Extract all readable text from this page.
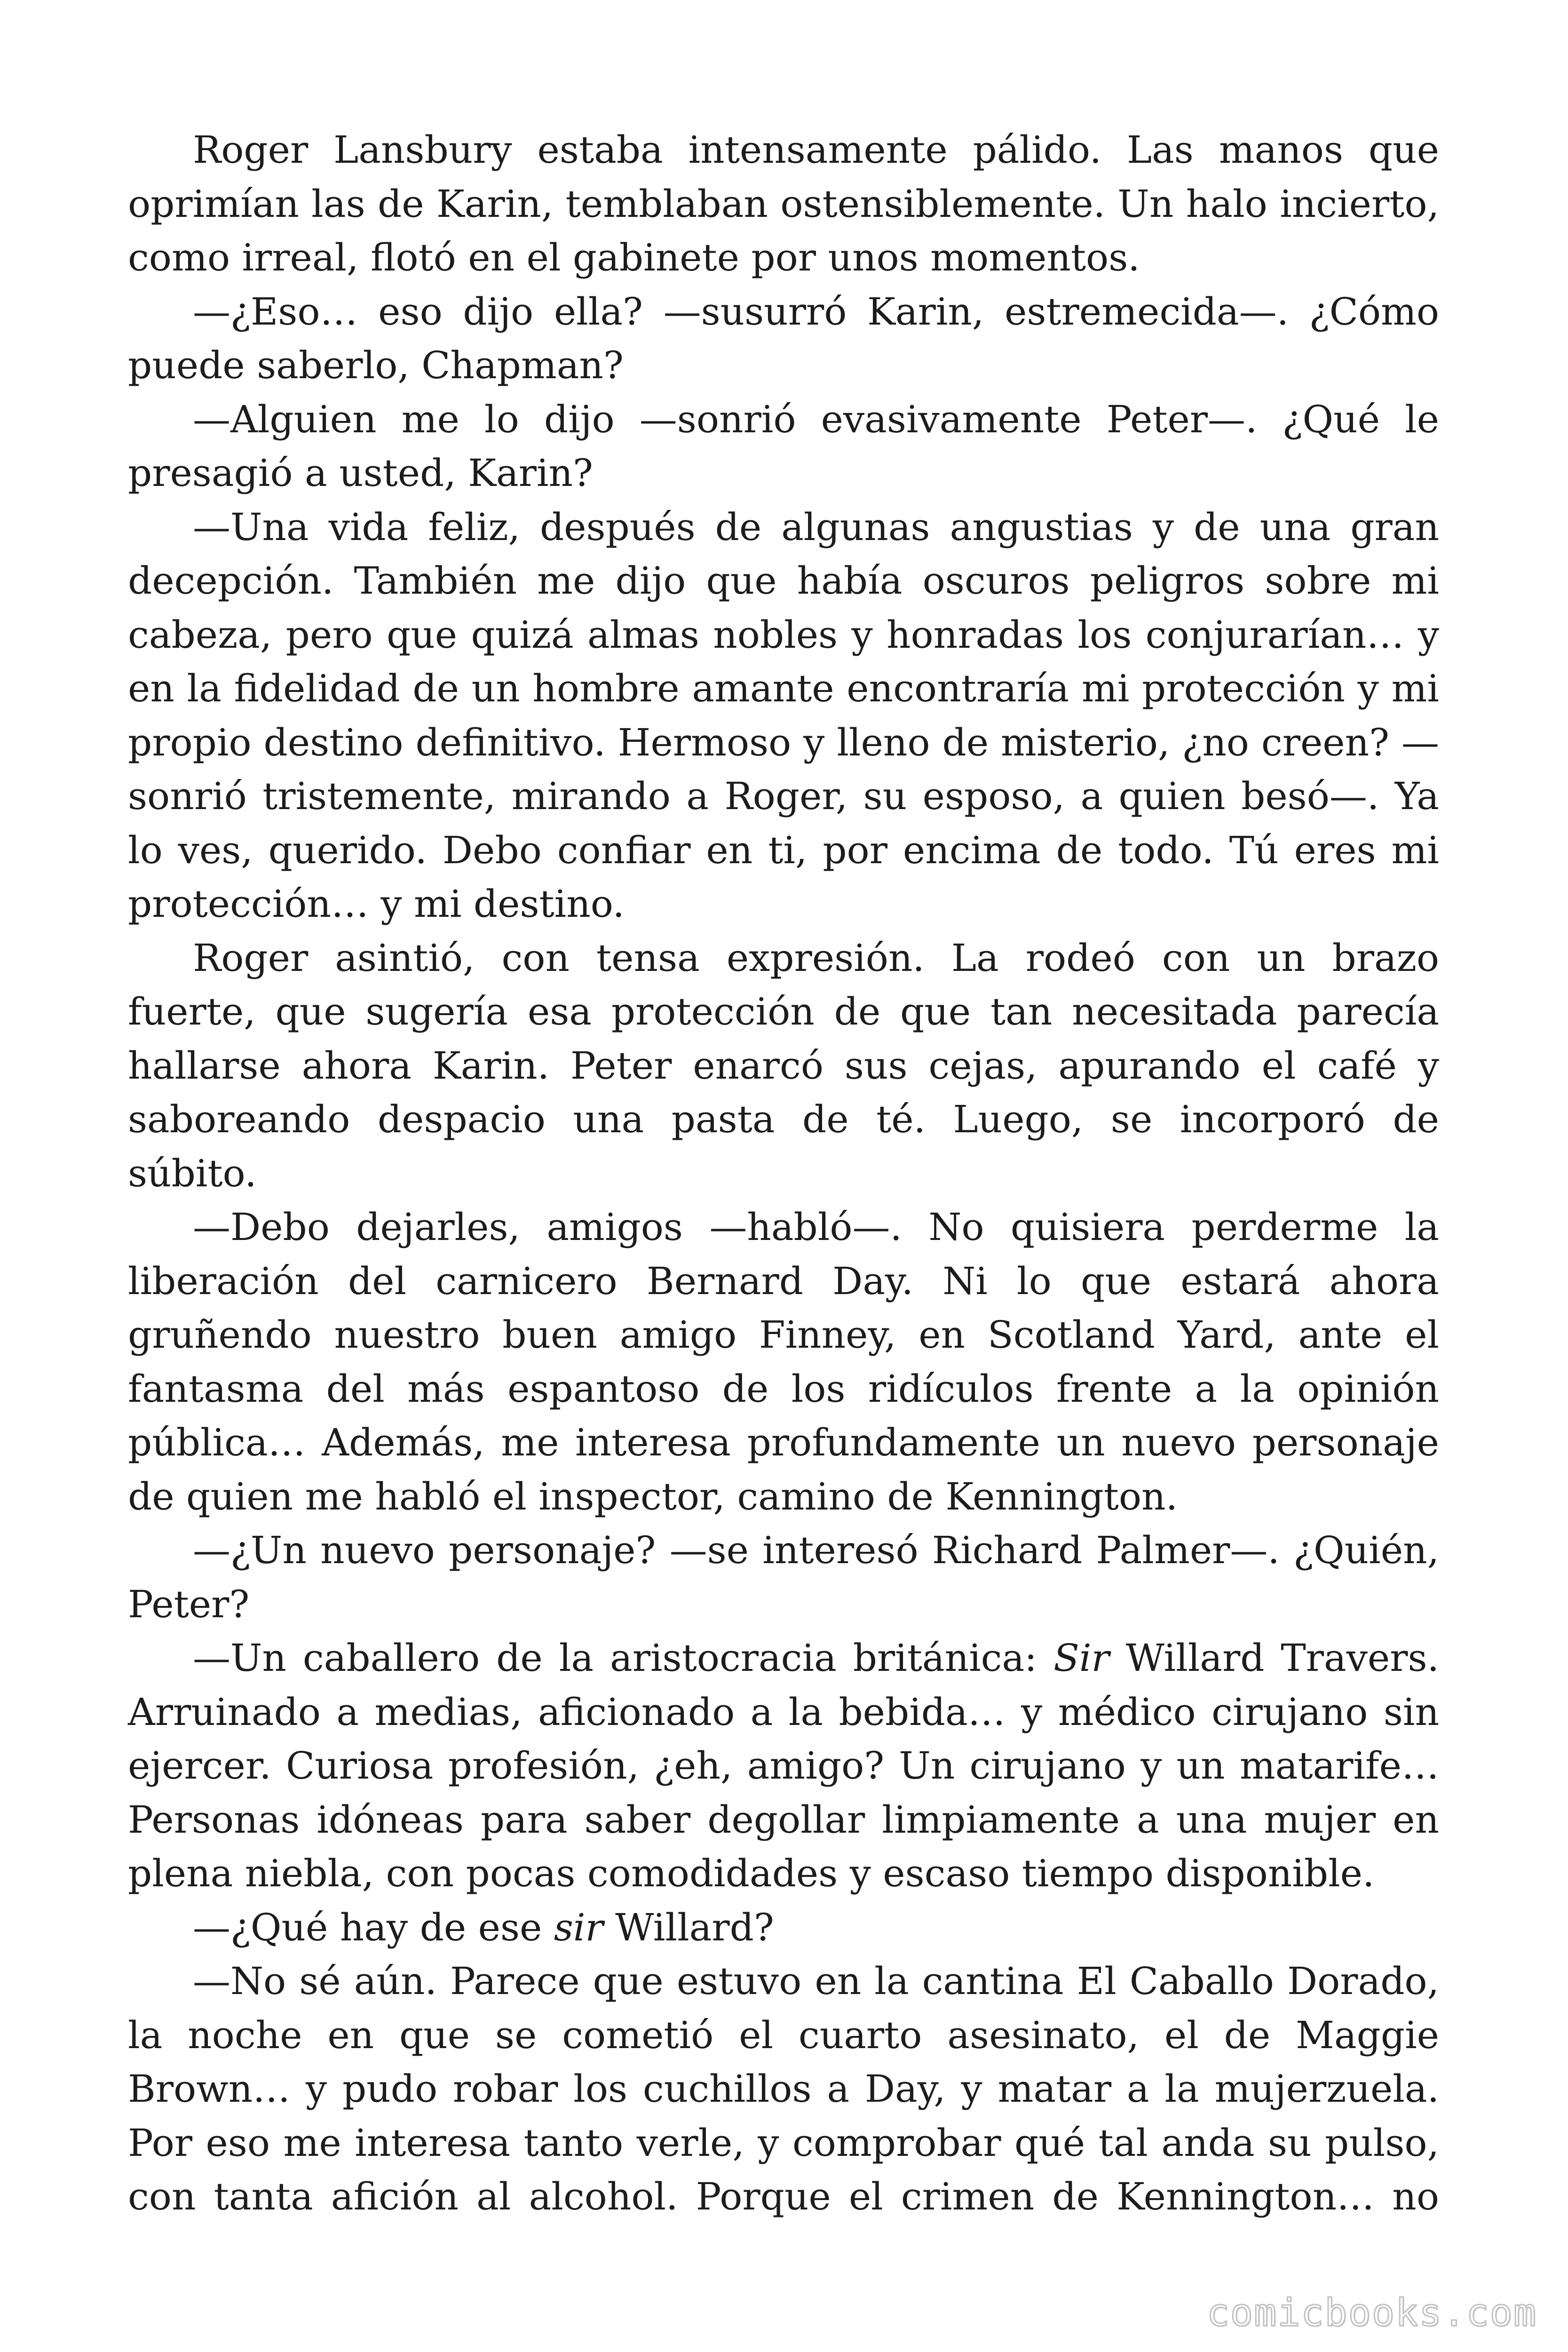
Roger Lansbury estaba intensamente pálido. Las manos que oprimían las de Karin, temblaban ostensiblemente. Un halo incierto, como irreal, flotó en el gabinete por unos momentos.

—¿Eso… eso dijo ella? —susurró Karin, estremecida—. ¿Cómo puede saberlo, Chapman?

—Alguien me lo dijo —sonrió evasivamente Peter—. ¿Qué le presagió a usted, Karin?

—Una vida feliz, después de algunas angustias y de una gran decepción. También me dijo que había oscuros peligros sobre mi cabeza, pero que quizá almas nobles y honradas los conjurarían… y en la fidelidad de un hombre amante encontraría mi protección y mi propio destino definitivo. Hermoso y lleno de misterio, ¿no creen? —sonrió tristemente, mirando a Roger, su esposo, a quien besó—. Ya lo ves, querido. Debo confiar en ti, por encima de todo. Tú eres mi protección… y mi destino.

Roger asintió, con tensa expresión. La rodeó con un brazo fuerte, que sugería esa protección de que tan necesitada parecía hallarse ahora Karin. Peter enarcó sus cejas, apurando el café y saboreando despacio una pasta de té. Luego, se incorporó de súbito.

—Debo dejarles, amigos —habló—. No quisiera perderme la liberación del carnicero Bernard Day. Ni lo que estará ahora gruñendo nuestro buen amigo Finney, en Scotland Yard, ante el fantasma del más espantoso de los ridículos frente a la opinión pública… Además, me interesa profundamente un nuevo personaje de quien me habló el inspector, camino de Kennington.

—¿Un nuevo personaje? —se interesó Richard Palmer—. ¿Quién, Peter?

—Un caballero de la aristocracia británica: Sir Willard Travers. Arruinado a medias, aficionado a la bebida… y médico cirujano sin ejercer. Curiosa profesión, ¿eh, amigo? Un cirujano y un matarife… Personas idóneas para saber degollar limpiamente a una mujer en plena niebla, con pocas comodidades y escaso tiempo disponible.

—¿Qué hay de ese sir Willard?

—No sé aún. Parece que estuvo en la cantina El Caballo Dorado, la noche en que se cometió el cuarto asesinato, el de Maggie Brown… y pudo robar los cuchillos a Day, y matar a la mujerzuela. Por eso me interesa tanto verle, y comprobar qué tal anda su pulso, con tanta afición al alcohol. Porque el crimen de Kennington… no

comicbooks.com
